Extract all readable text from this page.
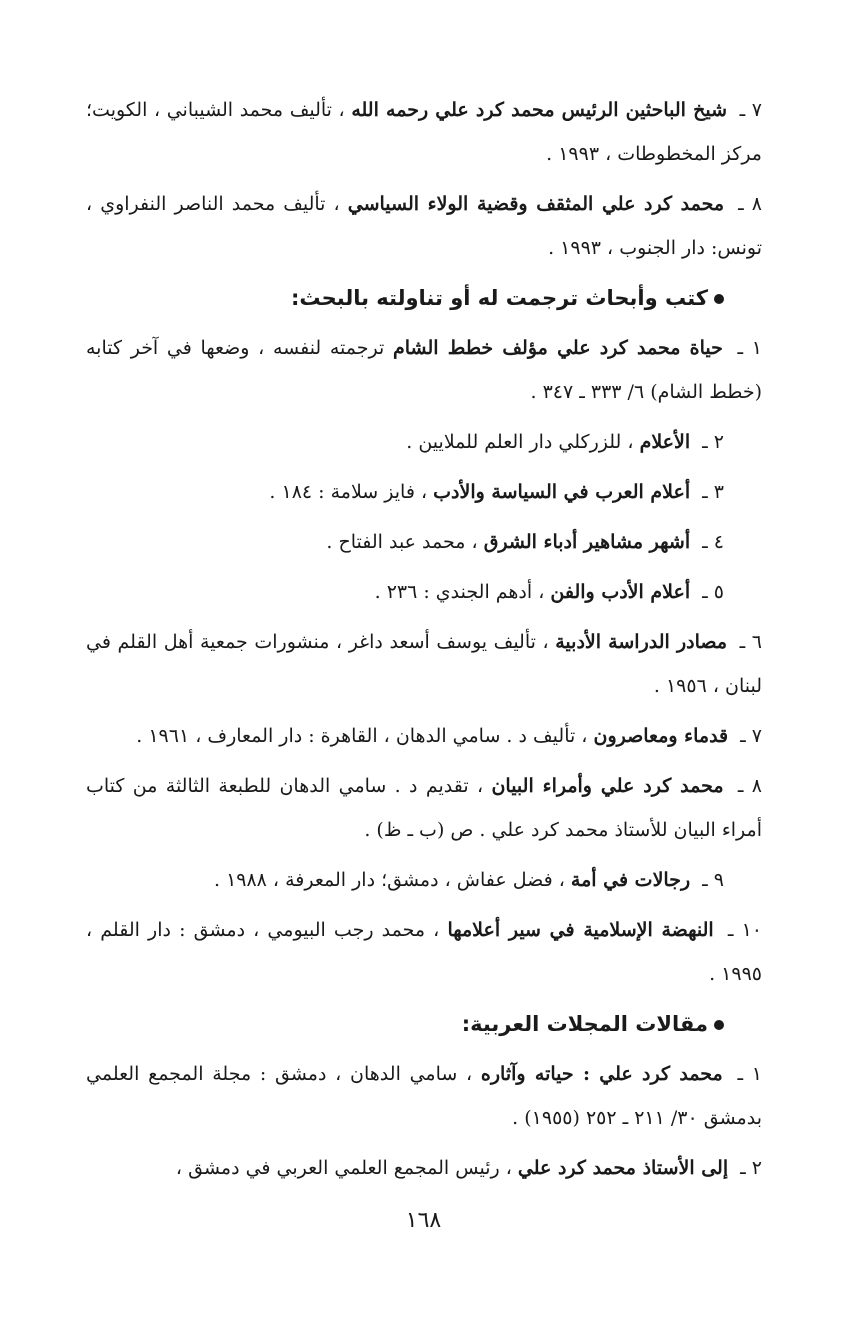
٧ ـ شيخ الباحثين الرئيس محمد كرد علي رحمه الله ، تأليف محمد الشيباني ، الكويت؛ مركز المخطوطات ، ١٩٩٣ .

٨ ـ محمد كرد علي المثقف وقضية الولاء السياسي ، تأليف محمد الناصر النفراوي ، تونس: دار الجنوب ، ١٩٩٣ .

كتب وأبحاث ترجمت له أو تناولته بالبحث:

١ ـ حياة محمد كرد علي مؤلف خطط الشام ترجمته لنفسه ، وضعها في آخر كتابه (خطط الشام) ٦/ ٣٣٣ ـ ٣٤٧ .

٢ ـ الأعلام ، للزركلي دار العلم للملايين .

٣ ـ أعلام العرب في السياسة والأدب ، فايز سلامة : ١٨٤ .

٤ ـ أشهر مشاهير أدباء الشرق ، محمد عبد الفتاح .

٥ ـ أعلام الأدب والفن ، أدهم الجندي : ٢٣٦ .

٦ ـ مصادر الدراسة الأدبية ، تأليف يوسف أسعد داغر ، منشورات جمعية أهل القلم في لبنان ، ١٩٥٦ .

٧ ـ قدماء ومعاصرون ، تأليف د . سامي الدهان ، القاهرة : دار المعارف ، ١٩٦١ .

٨ ـ محمد كرد علي وأمراء البيان ، تقديم د . سامي الدهان للطبعة الثالثة من كتاب أمراء البيان للأستاذ محمد كرد علي . ص (ب ـ ظ) .

٩ ـ رجالات في أمة ، فضل عفاش ، دمشق؛ دار المعرفة ، ١٩٨٨ .

١٠ ـ النهضة الإسلامية في سير أعلامها ، محمد رجب البيومي ، دمشق : دار القلم ، ١٩٩٥ .

مقالات المجلات العربية:

١ ـ محمد كرد علي : حياته وآثاره ، سامي الدهان ، دمشق : مجلة المجمع العلمي بدمشق ٣٠/ ٢١١ ـ ٢٥٢ (١٩٥٥) .

٢ ـ إلى الأستاذ محمد كرد علي ، رئيس المجمع العلمي العربي في دمشق ،

١٦٨
